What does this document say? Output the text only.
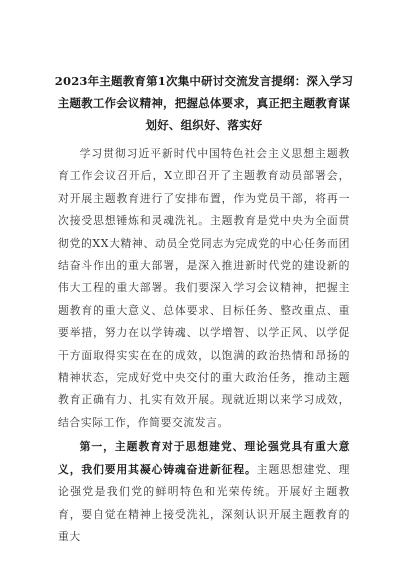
2023年主题教育第1次集中研讨交流发言提纲：深入学习主题教工作会议精神，把握总体要求，真正把主题教育谋划好、组织好、落实好

学习贯彻习近平新时代中国特色社会主义思想主题教育工作会议召开后，X立即召开了主题教育动员部署会，对开展主题教育进行了安排布置，作为党员干部，将再一次接受思想锤炼和灵魂洗礼。主题教育是党中央为全面贯彻党的XX大精神、动员全党同志为完成党的中心任务而团结奋斗作出的重大部署，是深入推进新时代党的建设新的伟大工程的重大部署。我们要深入学习会议精神，把握主题教育的重大意义、总体要求、目标任务、整改重点、重要举措，努力在以学铸魂、以学增智、以学正风、以学促干方面取得实实在在的成效，以饱满的政治热情和昂扬的精神状态，完成好党中央交付的重大政治任务，推动主题教育正确有力、扎实有效开展。现就近期以来学习成效，结合实际工作，作简要交流发言。

第一，主题教育对于思想建党、理论强党具有重大意义，我们要用其凝心铸魂奋进新征程。主题思想建党、理论强党是我们党的鲜明特色和光荣传统。开展好主题教育，要自觉在精神上接受洗礼，深刻认识开展主题教育的重大
